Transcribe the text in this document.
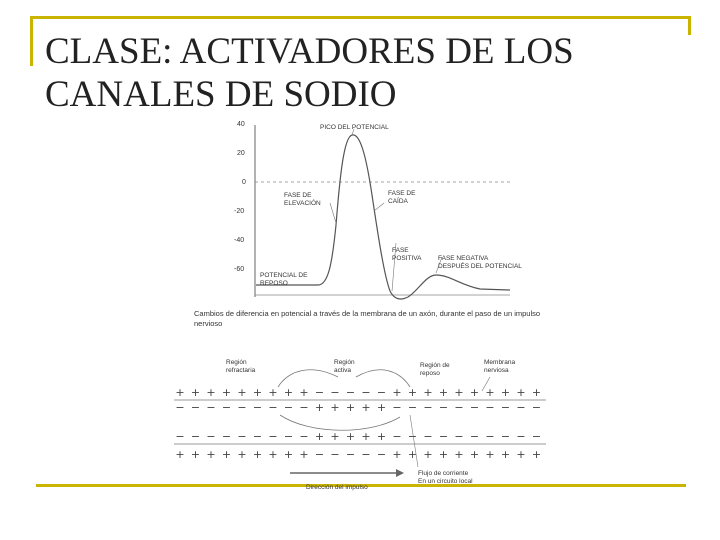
CLASE: ACTIVADORES DE LOS
CANALES DE SODIO
40
20
0
-20
-40
-60
PICO DEL POTENCIAL
FASE DE
ELEVACIÓN
FASE DE
CAÍDA
FASE
POSITIVA	FASE NEGATIVA
DESPUÉS DEL POTENCIAL
POTENCIAL DE
REPOSO
Cambios de diferencia en potencial a través de la membrana de un axón, durante el paso de un impulso
nervioso
Región
refractaria
Región
activa
Región de
reposo
Membrana
nerviosa
+ + + + + + + + + − − − − − + + + + + + + + + +
− − − − − − − − − + + + + + − − − − − − − − − −
− − − − − − − − − + + + + + − − − − − − − − − −
+ + + + + + + + + − − − − − + + + + + + + + + +
Dirección del impulso
Flujo de corriente
En un circuito local
